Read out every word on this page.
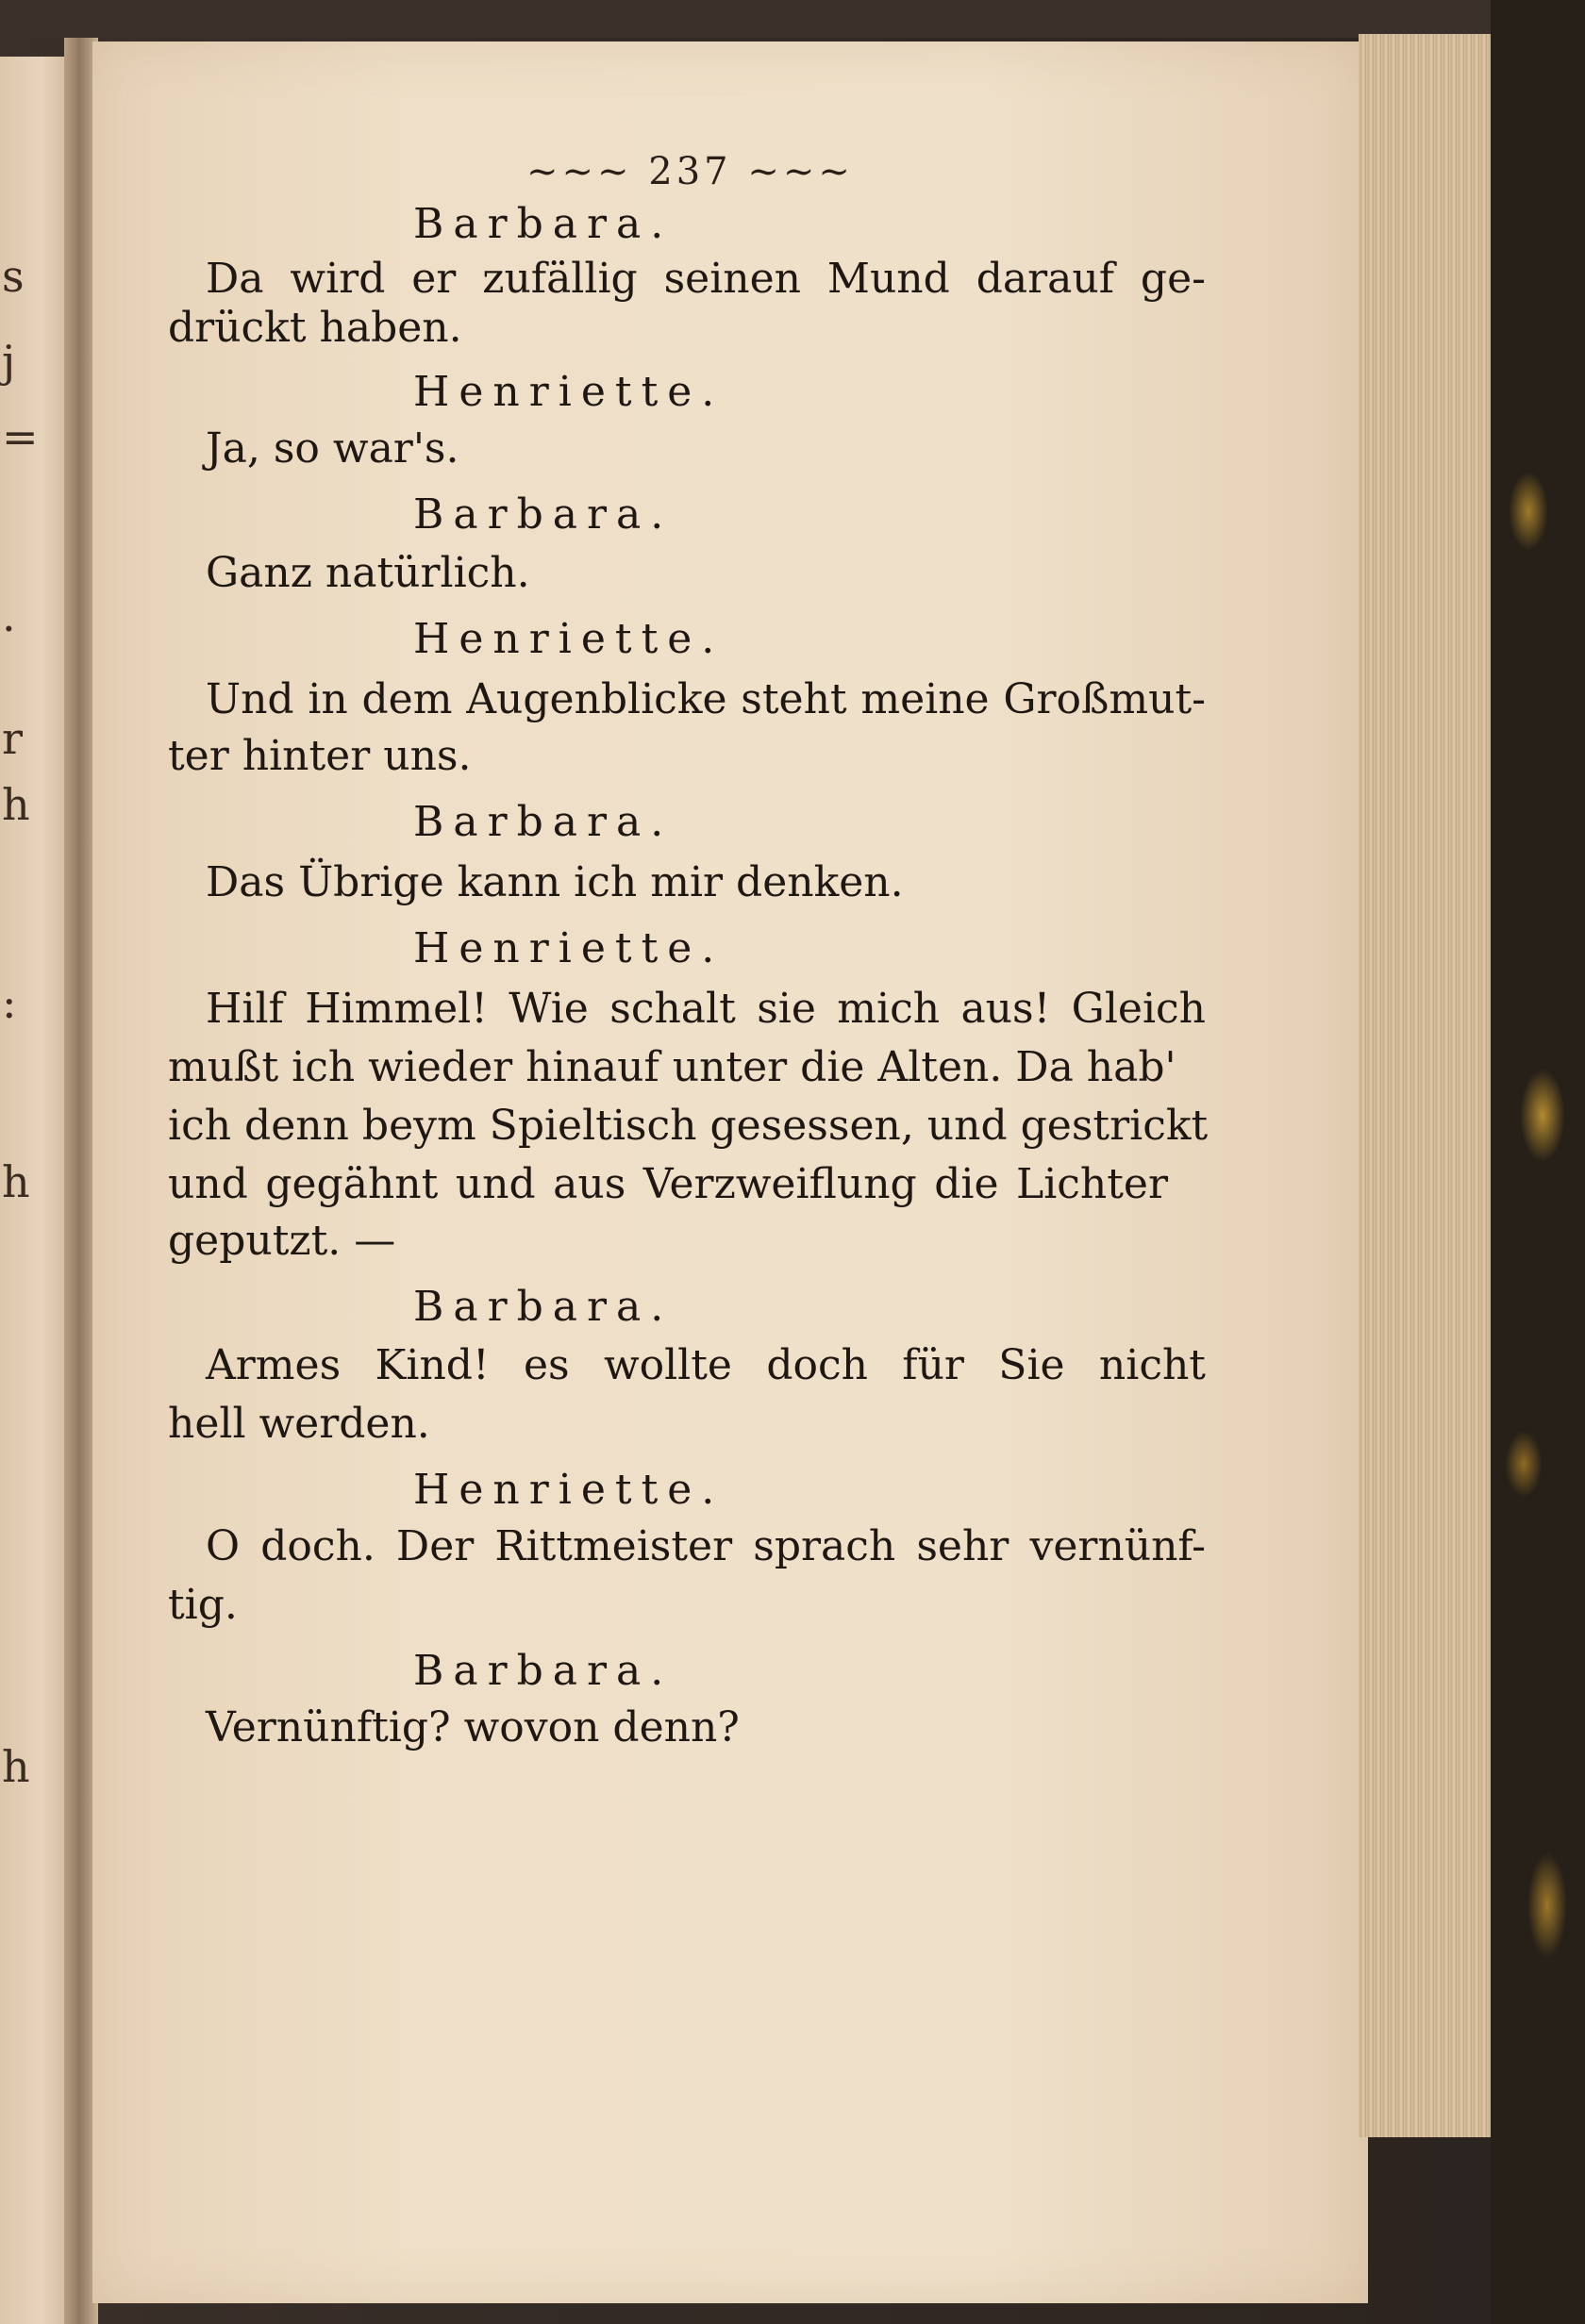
s
j
=
.
r
h
:
h
h
~~~ 237 ~~~
Barbara.
Da wird er zufällig seinen Mund darauf ge-
drückt haben.
Henriette.
Ja, so war's.
Barbara.
Ganz natürlich.
Henriette.
Und in dem Augenblicke steht meine Großmut-
ter hinter uns.
Barbara.
Das Übrige kann ich mir denken.
Henriette.
Hilf Himmel! Wie schalt sie mich aus! Gleich
mußt ich wieder hinauf unter die Alten. Da hab'
ich denn beym Spieltisch gesessen, und gestrickt
und gegähnt und aus Verzweiflung die Lichter
geputzt. —
Barbara.
Armes Kind! es wollte doch für Sie nicht
hell werden.
Henriette.
O doch. Der Rittmeister sprach sehr vernünf-
tig.
Barbara.
Vernünftig? wovon denn?
